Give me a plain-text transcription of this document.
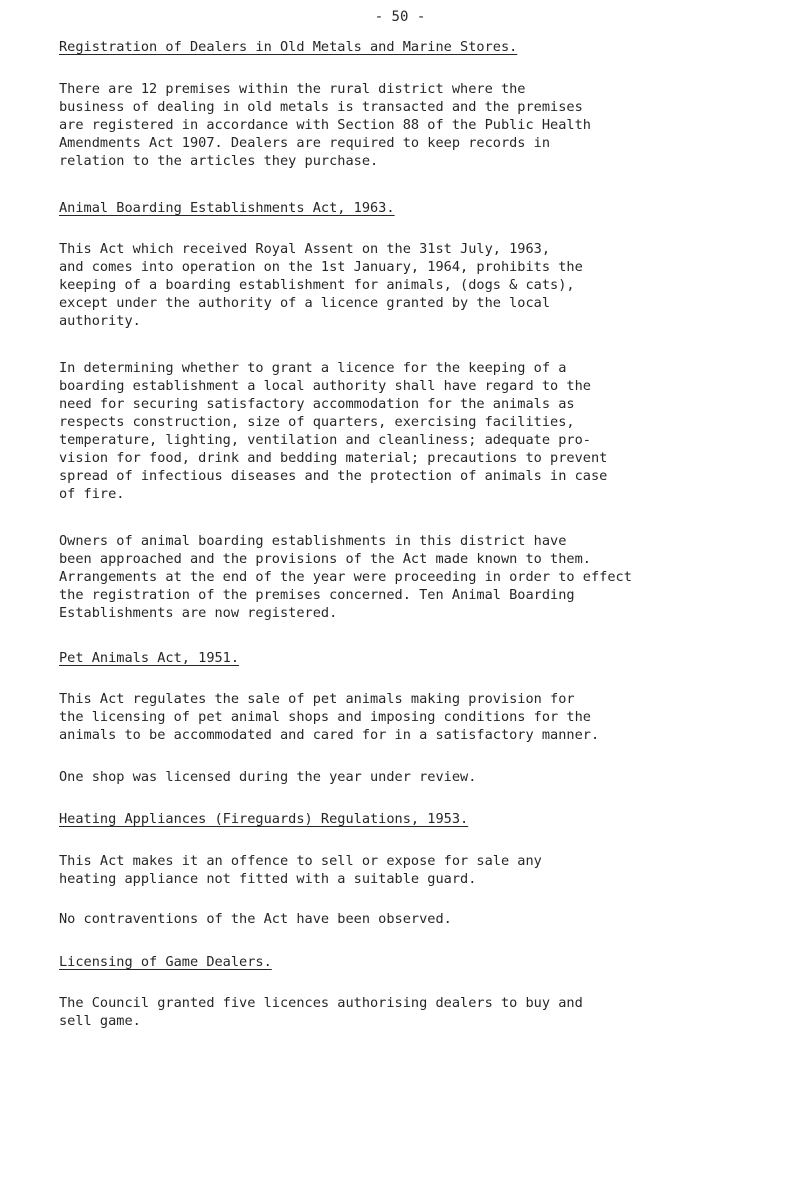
- 50 -
Registration of Dealers in Old Metals and Marine Stores.
There are 12 premises within the rural district where the
business of dealing in old metals is transacted and the premises
are registered in accordance with Section 88 of the Public Health
Amendments Act 1907. Dealers are required to keep records in
relation to the articles they purchase.
Animal Boarding Establishments Act, 1963.
This Act which received Royal Assent on the 31st July, 1963,
and comes into operation on the 1st January, 1964, prohibits the
keeping of a boarding establishment for animals, (dogs & cats),
except under the authority of a licence granted by the local
authority.
In determining whether to grant a licence for the keeping of a
boarding establishment a local authority shall have regard to the
need for securing satisfactory accommodation for the animals as
respects construction, size of quarters, exercising facilities,
temperature, lighting, ventilation and cleanliness; adequate pro-
vision for food, drink and bedding material; precautions to prevent
spread of infectious diseases and the protection of animals in case
of fire.
Owners of animal boarding establishments in this district have
been approached and the provisions of the Act made known to them.
Arrangements at the end of the year were proceeding in order to effect
the registration of the premises concerned. Ten Animal Boarding
Establishments are now registered.
Pet Animals Act, 1951.
This Act regulates the sale of pet animals making provision for
the licensing of pet animal shops and imposing conditions for the
animals to be accommodated and cared for in a satisfactory manner.
One shop was licensed during the year under review.
Heating Appliances (Fireguards) Regulations, 1953.
This Act makes it an offence to sell or expose for sale any
heating appliance not fitted with a suitable guard.
No contraventions of the Act have been observed.
Licensing of Game Dealers.
The Council granted five licences authorising dealers to buy and
sell game.
